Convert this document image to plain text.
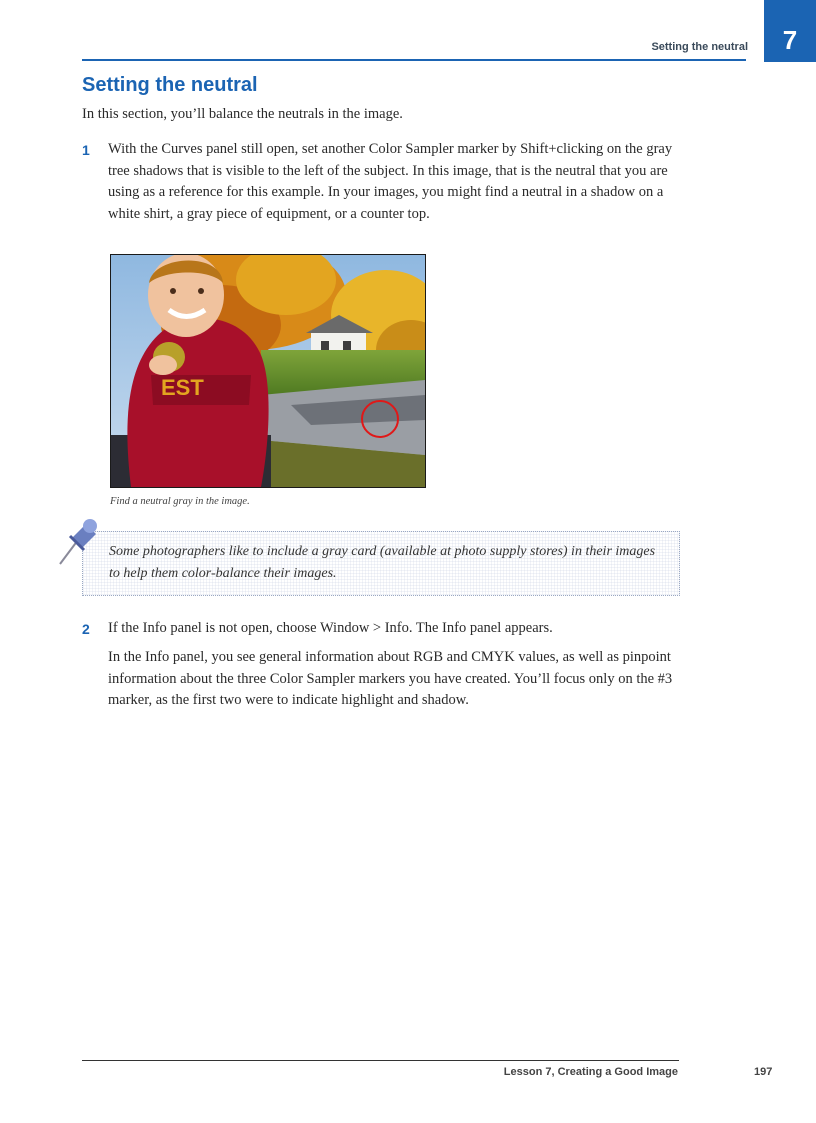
Setting the neutral	7
Setting the neutral

In this section, you’ll balance the neutrals in the image.

1 With the Curves panel still open, set another Color Sampler marker by Shift+clicking on the gray tree shadows that is visible to the left of the subject. In this image, that is the neutral that you are using as a reference for this example. In your images, you might find a neutral in a shadow on a white shirt, a gray piece of equipment, or a counter top.

EST

Find a neutral gray in the image.

Some photographers like to include a gray card (available at photo supply stores) in their images to help them color-balance their images.

2 If the Info panel is not open, choose Window > Info. The Info panel appears.

In the Info panel, you see general information about RGB and CMYK values, as well as pinpoint information about the three Color Sampler markers you have created. You’ll focus only on the #3 marker, as the first two were to indicate highlight and shadow.

Lesson 7, Creating a Good Image	197
